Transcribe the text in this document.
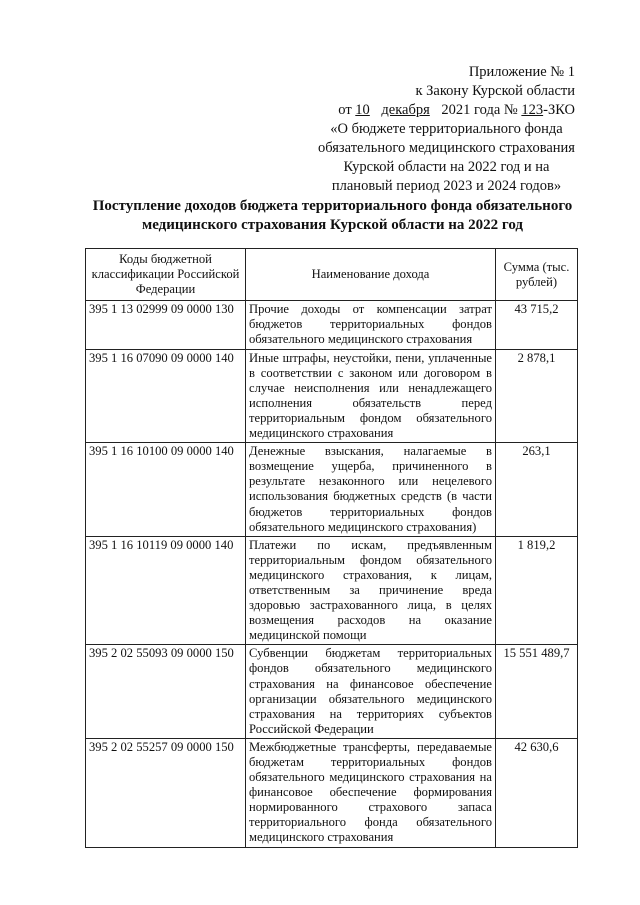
Приложение № 1
к Закону Курской области
от 10 декабря 2021 года № 123-ЗКО
«О бюджете территориального фонда
обязательного медицинского страхования
Курской области на 2022 год и на
плановый период 2023 и 2024 годов»
Поступление доходов бюджета территориального фонда обязательного
медицинского страхования Курской области на 2022 год
Коды бюджетной классификации Российской Федерации	Наименование дохода	Сумма (тыс. рублей)
395 1 13 02999 09 0000 130	Прочие доходы от компенсации затрат бюджетов территориальных фондов обязательного медицинского страхования	43 715,2
395 1 16 07090 09 0000 140	Иные штрафы, неустойки, пени, уплаченные в соответствии с законом или договором в случае неисполнения или ненадлежащего исполнения обязательств перед территориальным фондом обязательного медицинского страхования	2 878,1
395 1 16 10100 09 0000 140	Денежные взыскания, налагаемые в возмещение ущерба, причиненного в результате незаконного или нецелевого использования бюджетных средств (в части бюджетов территориальных фондов обязательного медицинского страхования)	263,1
395 1 16 10119 09 0000 140	Платежи по искам, предъявленным территориальным фондом обязательного медицинского страхования, к лицам, ответственным за причинение вреда здоровью застрахованного лица, в целях возмещения расходов на оказание медицинской помощи	1 819,2
395 2 02 55093 09 0000 150	Субвенции бюджетам территориальных фондов обязательного медицинского страхования на финансовое обеспечение организации обязательного медицинского страхования на территориях субъектов Российской Федерации	15 551 489,7
395 2 02 55257 09 0000 150	Межбюджетные трансферты, передаваемые бюджетам территориальных фондов обязательного медицинского страхования на финансовое обеспечение формирования нормированного страхового запаса территориального фонда обязательного медицинского страхования	42 630,6
